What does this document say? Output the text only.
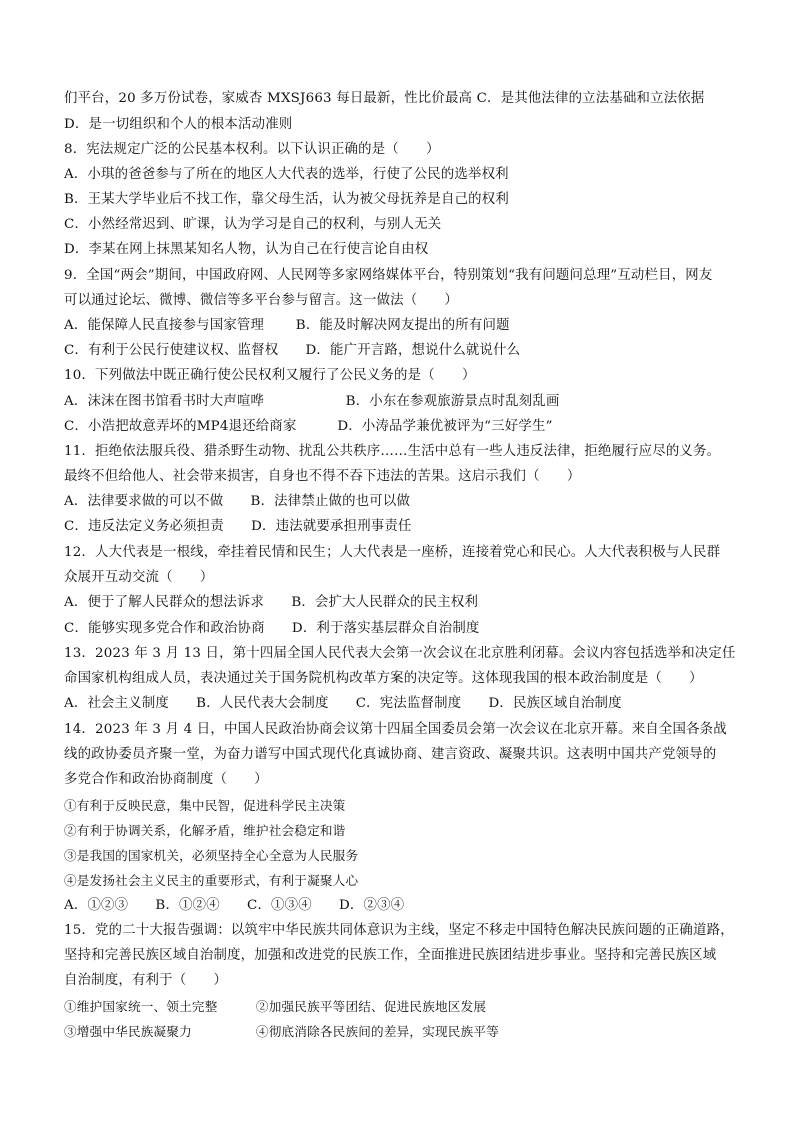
们平台，20 多万份试卷，家威杏 MXSJ663 每日最新，性比价最高 C．是其他法律的立法基础和立法依据
D．是一切组织和个人的根本活动准则
8．宪法规定广泛的公民基本权利。以下认识正确的是（　　）
A．小琪的爸爸参与了所在的地区人大代表的选举，行使了公民的选举权利
B．王某大学毕业后不找工作，靠父母生活，认为被父母抚养是自己的权利
C．小然经常迟到、旷课，认为学习是自己的权利，与别人无关
D．李某在网上抹黑某知名人物，认为自己在行使言论自由权
9．全国“两会”期间，中国政府网、人民网等多家网络媒体平台，特别策划“我有问题问总理”互动栏目，网友
可以通过论坛、微博、微信等多平台参与留言。这一做法（　　）
A．能保障人民直接参与国家管理　　 B．能及时解决网友提出的所有问题
C．有利于公民行使建议权、监督权　　D．能广开言路，想说什么就说什么
10．下列做法中既正确行使公民权利又履行了公民义务的是（　　）
A．沫沫在图书馆看书时大声喧哗　　　　　　B．小东在参观旅游景点时乱刻乱画
C．小浩把故意弄坏的MP4退还给商家　　　D．小涛品学兼优被评为“三好学生”
11．拒绝依法服兵役、猎杀野生动物、扰乱公共秩序……生活中总有一些人违反法律，拒绝履行应尽的义务。
最终不但给他人、社会带来损害，自身也不得不吞下违法的苦果。这启示我们（　　）
A．法律要求做的可以不做　　B．法律禁止做的也可以做
C．违反法定义务必须担责　　D．违法就要承担刑事责任
12．人大代表是一根线，牵挂着民情和民生；人大代表是一座桥，连接着党心和民心。人大代表积极与人民群
众展开互动交流（　　）
A．便于了解人民群众的想法诉求　　B．会扩大人民群众的民主权利
C．能够实现多党合作和政治协商　　D．利于落实基层群众自治制度
13．2023 年 3 月 13 日，第十四届全国人民代表大会第一次会议在北京胜利闭幕。会议内容包括选举和决定任
命国家机构组成人员，表决通过关于国务院机构改革方案的决定等。这体现我国的根本政治制度是（　　）
A．社会主义制度　　B．人民代表大会制度　　C．宪法监督制度　　D．民族区域自治制度
14．2023 年 3 月 4 日，中国人民政治协商会议第十四届全国委员会第一次会议在北京开幕。来自全国各条战
线的政协委员齐聚一堂，为奋力谱写中国式现代化真诚协商、建言资政、凝聚共识。这表明中国共产党领导的
多党合作和政治协商制度（　　）
①有利于反映民意，集中民智，促进科学民主决策
②有利于协调关系，化解矛盾，维护社会稳定和谐
③是我国的国家机关，必须坚持全心全意为人民服务
④是发扬社会主义民主的重要形式，有利于凝聚人心
A．①②③　　B．①②④　　C．①③④　　D．②③④
15．党的二十大报告强调：以筑牢中华民族共同体意识为主线，坚定不移走中国特色解决民族问题的正确道路，
坚持和完善民族区域自治制度，加强和改进党的民族工作，全面推进民族团结进步事业。坚持和完善民族区域
自治制度，有利于（　　）
①维护国家统一、领土完整　　　②加强民族平等团结、促进民族地区发展
③增强中华民族凝聚力　　　　　④彻底消除各民族间的差异，实现民族平等
